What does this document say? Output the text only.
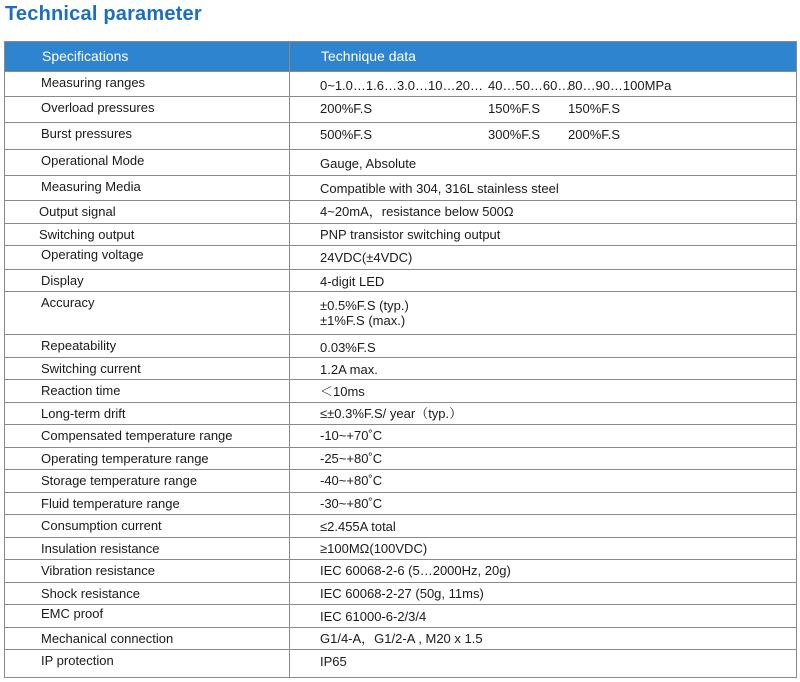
Technical parameter
Specifications	Technique data
Measuring ranges	0~1.0…1.6…3.0…10…20… 40…50…60…80…90…100MPa
Overload pressures	200%F.S 150%F.S 150%F.S
Burst pressures	500%F.S 300%F.S 200%F.S
Operational Mode	Gauge, Absolute
Measuring Media	Compatible with 304, 316L stainless steel
Output signal	4~20mA，resistance below 500Ω
Switching output	PNP transistor switching output
Operating voltage	24VDC(±4VDC)
Display	4-digit LED
Accuracy	±0.5%F.S (typ.)
±1%F.S (max.)

Repeatability	0.03%F.S
Switching current	1.2A max.
Reaction time	＜10ms
Long-term drift	≤±0.3%F.S/ year（typ.）
Compensated temperature range	-10~+70˚C
Operating temperature range	-25~+80˚C
Storage temperature range	-40~+80˚C
Fluid temperature range	-30~+80˚C
Consumption current	≤2.455A total
Insulation resistance	≥100MΩ(100VDC)
Vibration resistance	IEC 60068-2-6 (5…2000Hz, 20g)
Shock resistance	IEC 60068-2-27 (50g, 11ms)
EMC proof	IEC 61000-6-2/3/4
Mechanical connection	G1/4-A，G1/2-A , M20 x 1.5
IP protection	IP65
